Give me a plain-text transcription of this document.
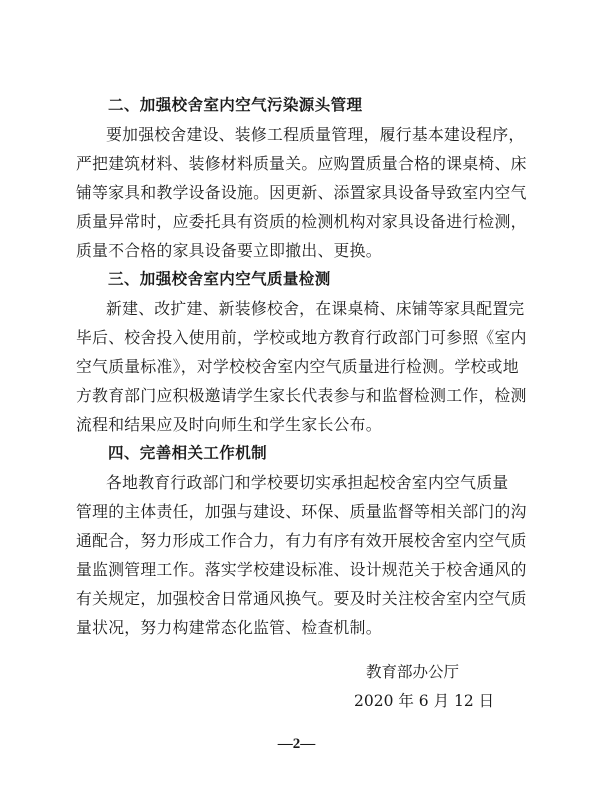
二、加强校舍室内空气污染源头管理
要加强校舍建设、装修工程质量管理，履行基本建设程序，
严把建筑材料、装修材料质量关。应购置质量合格的课桌椅、床
铺等家具和教学设备设施。因更新、添置家具设备导致室内空气
质量异常时，应委托具有资质的检测机构对家具设备进行检测，
质量不合格的家具设备要立即撤出、更换。
三、加强校舍室内空气质量检测
新建、改扩建、新装修校舍，在课桌椅、床铺等家具配置完
毕后、校舍投入使用前，学校或地方教育行政部门可参照《室内
空气质量标准》，对学校校舍室内空气质量进行检测。学校或地
方教育部门应积极邀请学生家长代表参与和监督检测工作，检测
流程和结果应及时向师生和学生家长公布。
四、完善相关工作机制
各地教育行政部门和学校要切实承担起校舍室内空气质量
管理的主体责任，加强与建设、环保、质量监督等相关部门的沟
通配合，努力形成工作合力，有力有序有效开展校舍室内空气质
量监测管理工作。落实学校建设标准、设计规范关于校舍通风的
有关规定，加强校舍日常通风换气。要及时关注校舍室内空气质
量状况，努力构建常态化监管、检查机制。
教育部办公厅
2020 年 6 月 12 日
—2—
